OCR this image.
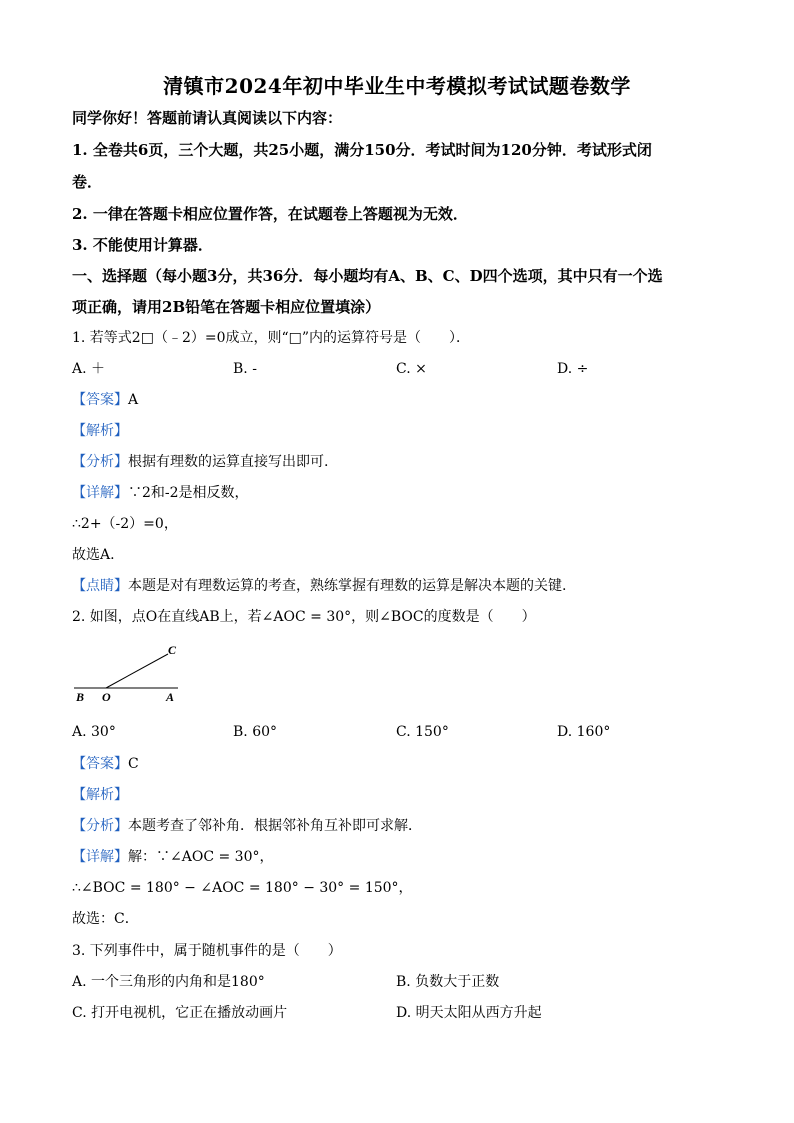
清镇市2024年初中毕业生中考模拟考试试题卷数学
同学你好！答题前请认真阅读以下内容：
1. 全卷共6页，三个大题，共25小题，满分150分．考试时间为120分钟．考试形式闭
卷．
2. 一律在答题卡相应位置作答，在试题卷上答题视为无效．
3. 不能使用计算器．
一、选择题（每小题3分，共36分．每小题均有A、B、C、D四个选项，其中只有一个选
项正确，请用2B铅笔在答题卡相应位置填涂）
1. 若等式2□（﹣2）=0成立，则“□”内的运算符号是（　　）．
A. ＋	B. -	C. ×	D. ÷
【答案】A
【解析】
【分析】根据有理数的运算直接写出即可.
【详解】∵2和-2是相反数，
∴2+（-2）=0，
故选A.
【点睛】本题是对有理数运算的考查，熟练掌握有理数的运算是解决本题的关键.
2. 如图，点O在直线AB上，若∠AOC = 30°，则∠BOC的度数是（　　）
B O	A
C
A. 30°	B. 60°	C. 150°	D. 160°
【答案】C
【解析】
【分析】本题考查了邻补角．根据邻补角互补即可求解．
【详解】解：∵∠AOC = 30°，
∴∠BOC = 180° − ∠AOC = 180° − 30° = 150°，
故选：C．
3. 下列事件中，属于随机事件的是（　　）
A. 一个三角形的内角和是180°	B. 负数大于正数
C. 打开电视机，它正在播放动画片	D. 明天太阳从西方升起
